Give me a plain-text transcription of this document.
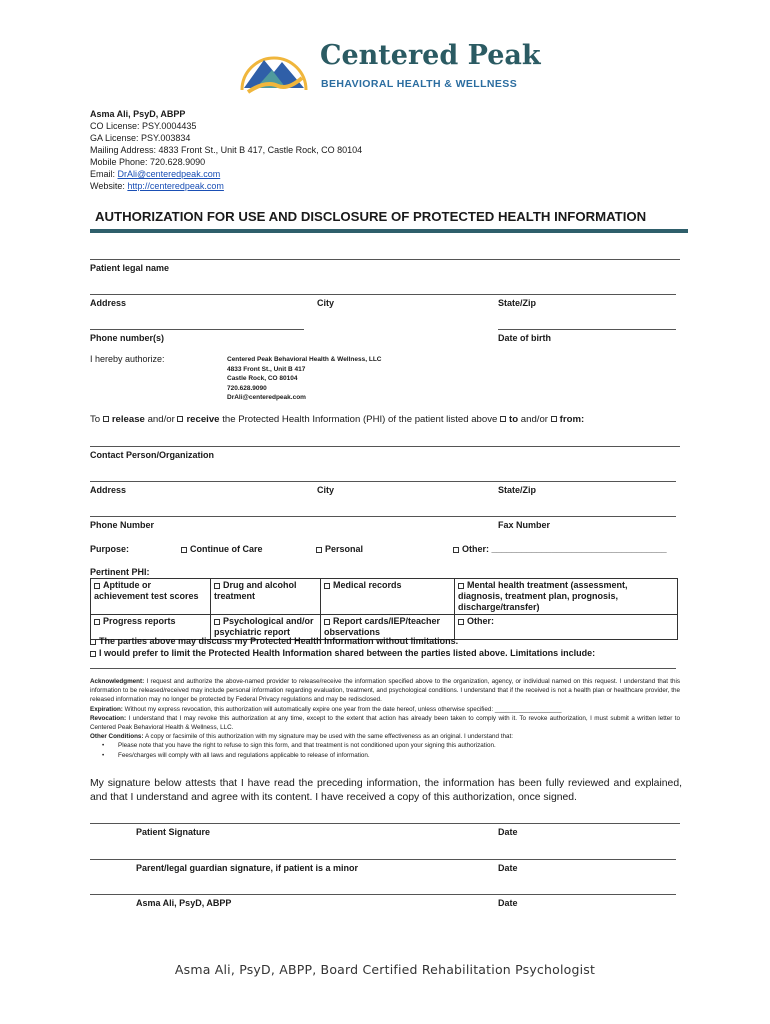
Centered Peak
BEHAVIORAL HEALTH & WELLNESS
Asma Ali, PsyD, ABPP
CO License: PSY.0004435
GA License: PSY.003834
Mailing Address: 4833 Front St., Unit B 417, Castle Rock, CO 80104
Mobile Phone: 720.628.9090
Email: DrAli@centeredpeak.com
Website: http://centeredpeak.com
AUTHORIZATION FOR USE AND DISCLOSURE OF PROTECTED HEALTH INFORMATION
Patient legal name
Address	City	State/Zip
Phone number(s)	Date of birth
I hereby authorize:	Centered Peak Behavioral Health & Wellness, LLC
4833 Front St., Unit B 417
Castle Rock, CO 80104
720.628.9090
DrAli@centeredpeak.com
To release and/or receive the Protected Health Information (PHI) of the patient listed above to and/or from:
Contact Person/Organization
Address	City	State/Zip
Phone Number	Fax Number
Purpose:	Continue of Care	Personal	Other: ___________________________________
Pertinent PHI:
Aptitude or achievement test scores	Drug and alcohol treatment	Medical records	Mental health treatment (assessment, diagnosis, treatment plan, prognosis, discharge/transfer)
Progress reports	Psychological and/or psychiatric report	Report cards/IEP/teacher observations	Other:
The parties above may discuss my Protected Health Information without limitations.
I would prefer to limit the Protected Health Information shared between the parties listed above. Limitations include:
Acknowledgment: I request and authorize the above-named provider to release/receive the information specified above to the organization, agency, or individual named on this request. I understand that this information to be released/received may include personal information regarding evaluation, treatment, and psychological conditions. I understand that if the received is not a health plan or healthcare provider, the released information may no longer be protected by Federal Privacy regulations and may be redisclosed.
Expiration: Without my express revocation, this authorization will automatically expire one year from the date hereof, unless otherwise specified: ___________________
Revocation: I understand that I may revoke this authorization at any time, except to the extent that action has already been taken to comply with it. To revoke authorization, I must submit a written letter to Centered Peak Behavioral Health & Wellness, LLC.
Other Conditions: A copy or facsimile of this authorization with my signature may be used with the same effectiveness as an original. I understand that:
• Please note that you have the right to refuse to sign this form, and that treatment is not conditioned upon your signing this authorization.
• Fees/charges will comply with all laws and regulations applicable to release of information.
My signature below attests that I have read the preceding information, the information has been fully reviewed and explained, and that I understand and agree with its content. I have received a copy of this authorization, once signed.
Patient Signature	Date
Parent/legal guardian signature, if patient is a minor	Date
Asma Ali, PsyD, ABPP	Date
Asma Ali, PsyD, ABPP, Board Certified Rehabilitation Psychologist
